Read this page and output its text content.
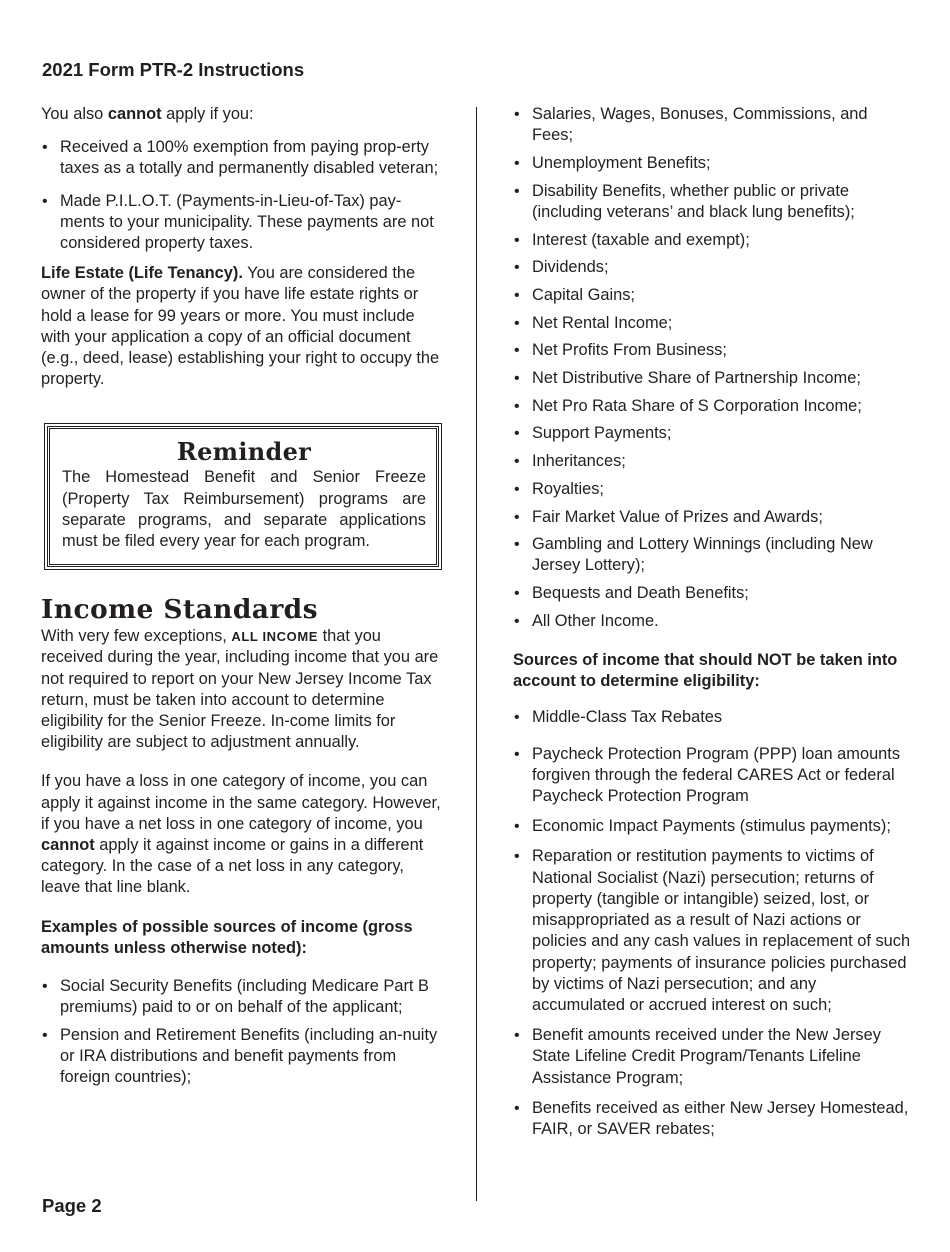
2021 Form PTR-2 Instructions

You also cannot apply if you:

• Received a 100% exemption from paying prop-erty taxes as a totally and permanently disabled veteran;
• Made P.I.L.O.T. (Payments-in-Lieu-of-Tax) pay-ments to your municipality. These payments are not considered property taxes.

Life Estate (Life Tenancy). You are considered the owner of the property if you have life estate rights or hold a lease for 99 years or more. You must include with your application a copy of an official document (e.g., deed, lease) establishing your right to occupy the property.

Reminder
The Homestead Benefit and Senior Freeze (Property Tax Reimbursement) programs are separate programs, and separate applications must be filed every year for each program.
Income Standards

With very few exceptions, ALL INCOME that you received during the year, including income that you are not required to report on your New Jersey Income Tax return, must be taken into account to determine eligibility for the Senior Freeze. In-come limits for eligibility are subject to adjustment annually.

If you have a loss in one category of income, you can apply it against income in the same category. However, if you have a net loss in one category of income, you cannot apply it against income or gains in a different category. In the case of a net loss in any category, leave that line blank.

Examples of possible sources of income (gross amounts unless otherwise noted):

• Social Security Benefits (including Medicare Part B premiums) paid to or on behalf of the applicant;
• Pension and Retirement Benefits (including an-nuity or IRA distributions and benefit payments from foreign countries);
• Salaries, Wages, Bonuses, Commissions, and Fees;
• Unemployment Benefits;
• Disability Benefits, whether public or private (including veterans’ and black lung benefits);
• Interest (taxable and exempt);
• Dividends;
• Capital Gains;
• Net Rental Income;
• Net Profits From Business;
• Net Distributive Share of Partnership Income;
• Net Pro Rata Share of S Corporation Income;
• Support Payments;
• Inheritances;
• Royalties;
• Fair Market Value of Prizes and Awards;
• Gambling and Lottery Winnings (including New Jersey Lottery);
• Bequests and Death Benefits;
• All Other Income.

Sources of income that should NOT be taken into account to determine eligibility:

• Middle-Class Tax Rebates
• Paycheck Protection Program (PPP) loan amounts forgiven through the federal CARES Act or federal Paycheck Protection Program
• Economic Impact Payments (stimulus payments);
• Reparation or restitution payments to victims of National Socialist (Nazi) persecution; returns of property (tangible or intangible) seized, lost, or misappropriated as a result of Nazi actions or policies and any cash values in replacement of such property; payments of insurance policies purchased by victims of Nazi persecution; and any accumulated or accrued interest on such;
• Benefit amounts received under the New Jersey State Lifeline Credit Program/Tenants Lifeline Assistance Program;
• Benefits received as either New Jersey Homestead, FAIR, or SAVER rebates;
Page 2
